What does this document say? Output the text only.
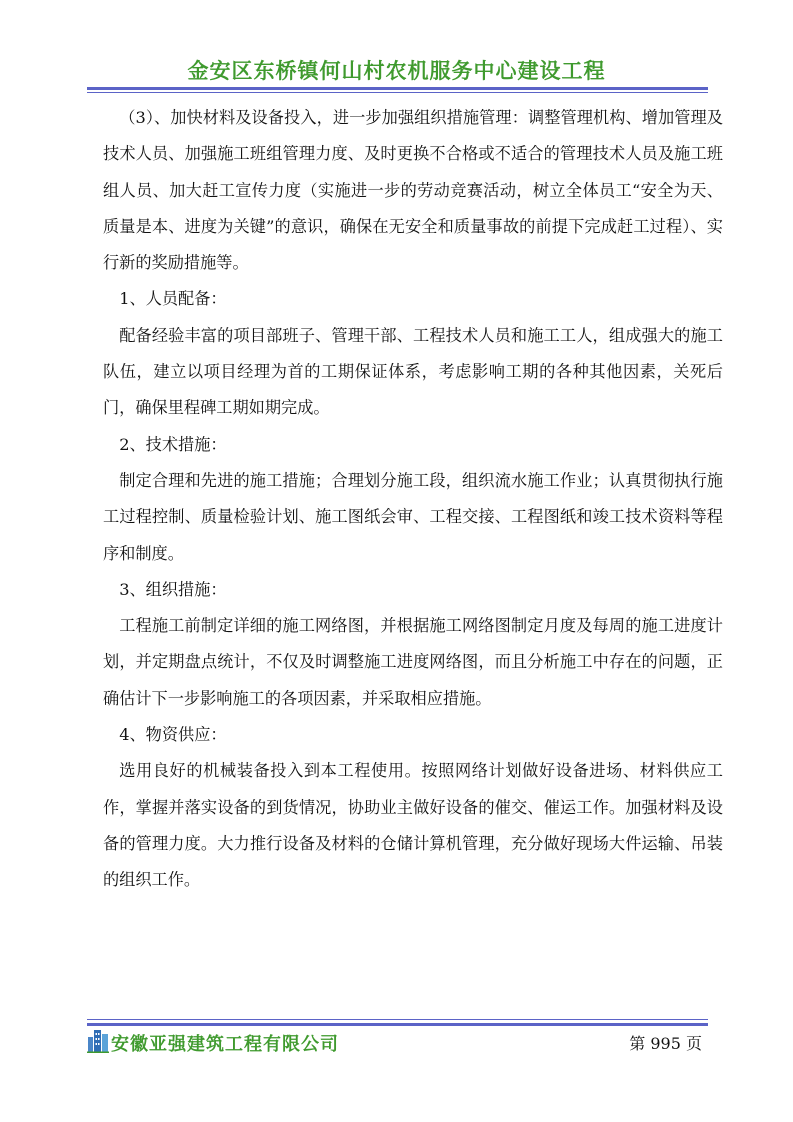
金安区东桥镇何山村农机服务中心建设工程

（3）、加快材料及设备投入，进一步加强组织措施管理：调整管理机构、增加管理及技术人员、加强施工班组管理力度、及时更换不合格或不适合的管理技术人员及施工班组人员、加大赶工宣传力度（实施进一步的劳动竞赛活动，树立全体员工“安全为天、质量是本、进度为关键”的意识，确保在无安全和质量事故的前提下完成赶工过程）、实行新的奖励措施等。

1、人员配备：

配备经验丰富的项目部班子、管理干部、工程技术人员和施工工人，组成强大的施工队伍，建立以项目经理为首的工期保证体系，考虑影响工期的各种其他因素，关死后门，确保里程碑工期如期完成。

2、技术措施：

制定合理和先进的施工措施；合理划分施工段，组织流水施工作业；认真贯彻执行施工过程控制、质量检验计划、施工图纸会审、工程交接、工程图纸和竣工技术资料等程序和制度。

3、组织措施：

工程施工前制定详细的施工网络图，并根据施工网络图制定月度及每周的施工进度计划，并定期盘点统计，不仅及时调整施工进度网络图，而且分析施工中存在的问题，正确估计下一步影响施工的各项因素，并采取相应措施。

4、物资供应：

选用良好的机械装备投入到本工程使用。按照网络计划做好设备进场、材料供应工作，掌握并落实设备的到货情况，协助业主做好设备的催交、催运工作。加强材料及设备的管理力度。大力推行设备及材料的仓储计算机管理，充分做好现场大件运输、吊装的组织工作。

安徽亚强建筑工程有限公司	第 995 页
